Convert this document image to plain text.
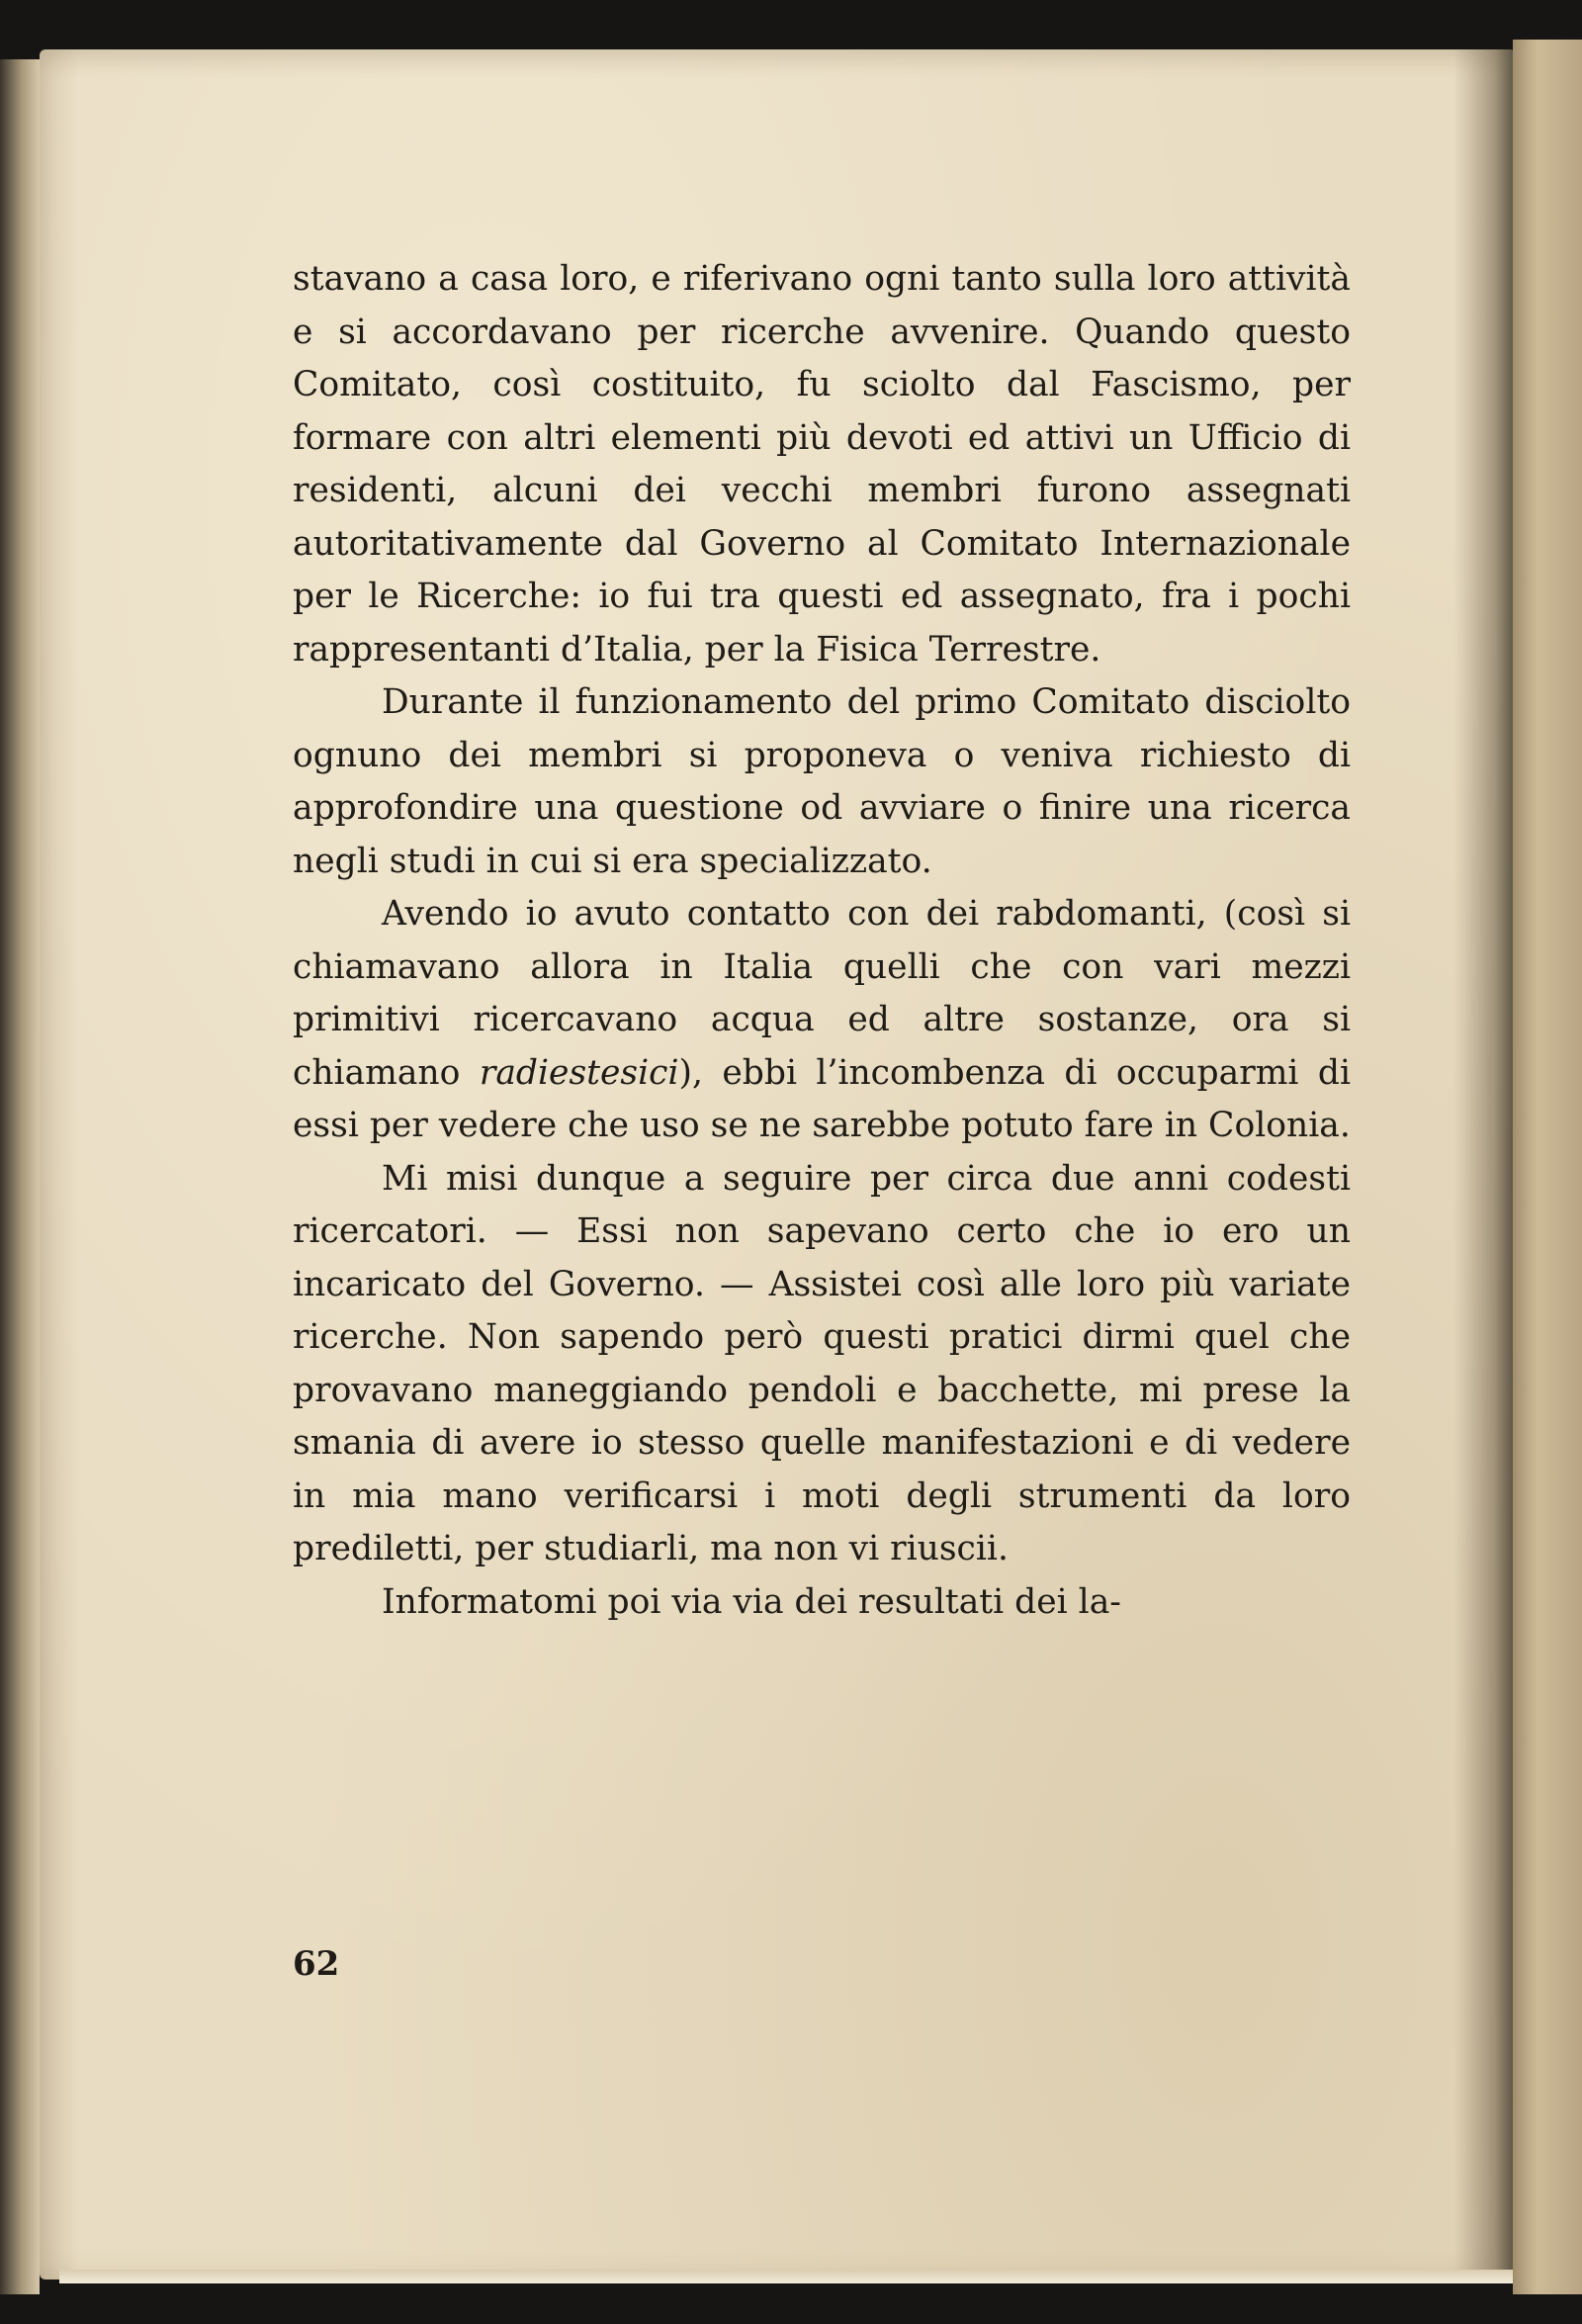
stavano a casa loro, e riferivano ogni tanto sulla loro attività e si accordavano per ricerche avvenire. Quando questo Comitato, così costituito, fu sciolto dal Fascismo, per formare con altri elementi più devoti ed attivi un Ufficio di residenti, alcuni dei vecchi membri furono assegnati autoritativamente dal Governo al Comitato Internazionale per le Ricerche: io fui tra questi ed assegnato, fra i pochi rappresentanti d’Italia, per la Fisica Terrestre.

Durante il funzionamento del primo Comitato disciolto ognuno dei membri si proponeva o veniva richiesto di approfondire una questione od avviare o finire una ricerca negli studi in cui si era specializzato.

Avendo io avuto contatto con dei rabdomanti, (così si chiamavano allora in Italia quelli che con vari mezzi primitivi ricercavano acqua ed altre sostanze, ora si chiamano radiestesici), ebbi l’incombenza di occuparmi di essi per vedere che uso se ne sarebbe potuto fare in Colonia.

Mi misi dunque a seguire per circa due anni codesti ricercatori. — Essi non sapevano certo che io ero un incaricato del Governo. — Assistei così alle loro più variate ricerche. Non sapendo però questi pratici dirmi quel che provavano maneggiando pendoli e bacchette, mi prese la smania di avere io stesso quelle manifestazioni e di vedere in mia mano verificarsi i moti degli strumenti da loro prediletti, per studiarli, ma non vi riuscii.

Informatomi poi via via dei resultati dei la-

62
